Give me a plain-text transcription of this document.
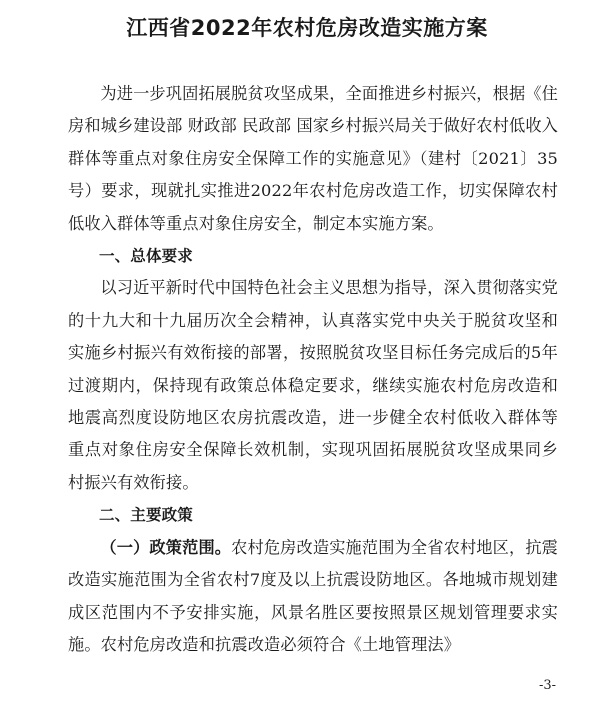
江西省2022年农村危房改造实施方案

为进一步巩固拓展脱贫攻坚成果，全面推进乡村振兴，根据《住房和城乡建设部 财政部 民政部 国家乡村振兴局关于做好农村低收入群体等重点对象住房安全保障工作的实施意见》（建村〔2021〕35号）要求，现就扎实推进2022年农村危房改造工作，切实保障农村低收入群体等重点对象住房安全，制定本实施方案。

一、总体要求

以习近平新时代中国特色社会主义思想为指导，深入贯彻落实党的十九大和十九届历次全会精神，认真落实党中央关于脱贫攻坚和实施乡村振兴有效衔接的部署，按照脱贫攻坚目标任务完成后的5年过渡期内，保持现有政策总体稳定要求，继续实施农村危房改造和地震高烈度设防地区农房抗震改造，进一步健全农村低收入群体等重点对象住房安全保障长效机制，实现巩固拓展脱贫攻坚成果同乡村振兴有效衔接。

二、主要政策

（一）政策范围。农村危房改造实施范围为全省农村地区，抗震改造实施范围为全省农村7度及以上抗震设防地区。各地城市规划建成区范围内不予安排实施，风景名胜区要按照景区规划管理要求实施。农村危房改造和抗震改造必须符合《土地管理法》

-3-
